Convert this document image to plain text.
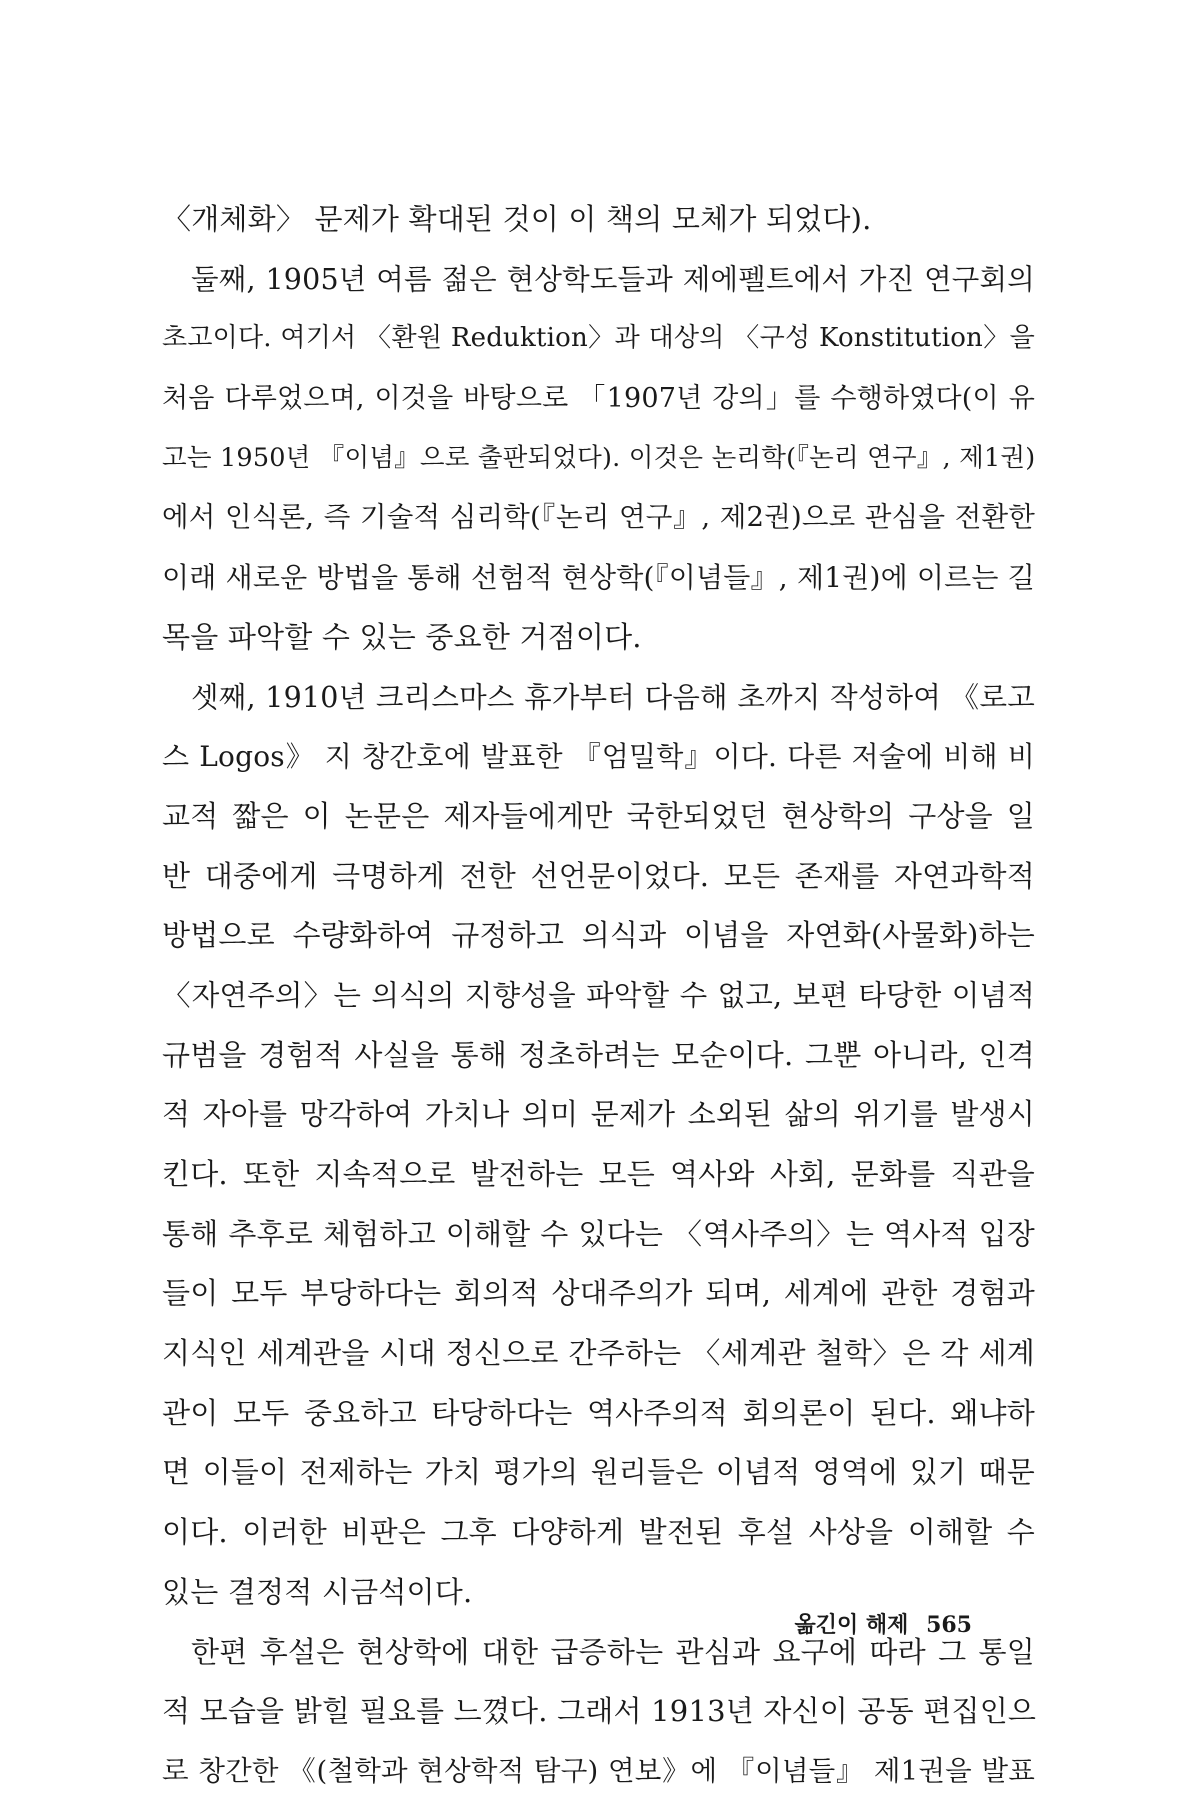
〈개체화〉 문제가 확대된 것이 이 책의 모체가 되었다).
둘째, 1905년 여름 젊은 현상학도들과 제에펠트에서 가진 연구회의
초고이다. 여기서 〈환원 Reduktion〉과 대상의 〈구성 Konstitution〉을
처음 다루었으며, 이것을 바탕으로 「1907년 강의」를 수행하였다(이 유
고는 1950년 『이념』으로 출판되었다). 이것은 논리학(『논리 연구』, 제1권)
에서 인식론, 즉 기술적 심리학(『논리 연구』, 제2권)으로 관심을 전환한
이래 새로운 방법을 통해 선험적 현상학(『이념들』, 제1권)에 이르는 길
목을 파악할 수 있는 중요한 거점이다.
셋째, 1910년 크리스마스 휴가부터 다음해 초까지 작성하여 《로고
스 Logos》 지 창간호에 발표한 『엄밀학』이다. 다른 저술에 비해 비
교적 짧은 이 논문은 제자들에게만 국한되었던 현상학의 구상을 일
반 대중에게 극명하게 전한 선언문이었다. 모든 존재를 자연과학적
방법으로 수량화하여 규정하고 의식과 이념을 자연화(사물화)하는
〈자연주의〉는 의식의 지향성을 파악할 수 없고, 보편 타당한 이념적
규범을 경험적 사실을 통해 정초하려는 모순이다. 그뿐 아니라, 인격
적 자아를 망각하여 가치나 의미 문제가 소외된 삶의 위기를 발생시
킨다. 또한 지속적으로 발전하는 모든 역사와 사회, 문화를 직관을
통해 추후로 체험하고 이해할 수 있다는 〈역사주의〉는 역사적 입장
들이 모두 부당하다는 회의적 상대주의가 되며, 세계에 관한 경험과
지식인 세계관을 시대 정신으로 간주하는 〈세계관 철학〉은 각 세계
관이 모두 중요하고 타당하다는 역사주의적 회의론이 된다. 왜냐하
면 이들이 전제하는 가치 평가의 원리들은 이념적 영역에 있기 때문
이다. 이러한 비판은 그후 다양하게 발전된 후설 사상을 이해할 수
있는 결정적 시금석이다.
한편 후설은 현상학에 대한 급증하는 관심과 요구에 따라 그 통일
적 모습을 밝힐 필요를 느꼈다. 그래서 1913년 자신이 공동 편집인으
로 창간한 《(철학과 현상학적 탐구) 연보》에 『이념들』 제1권을 발표
옮긴이 해제 565
